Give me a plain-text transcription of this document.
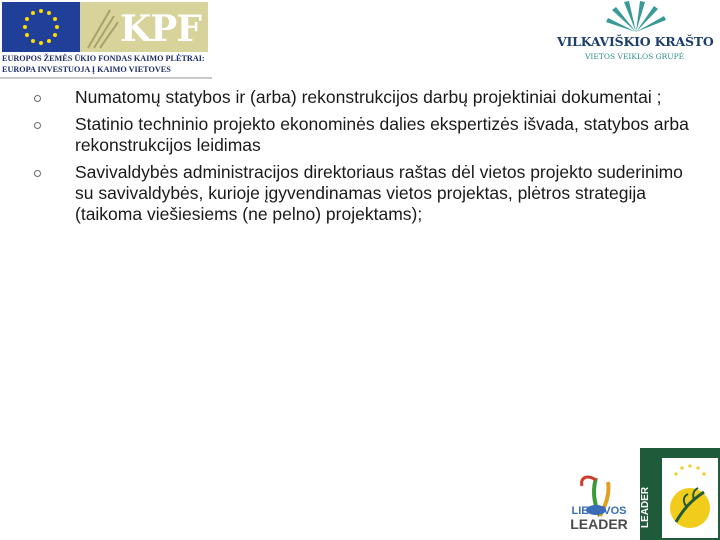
KPF
EUROPOS ŽEMĖS ŪKIO FONDAS KAIMO PLĖTRAI:
EUROPA INVESTUOJA Į KAIMO VIETOVES
VILKAVIŠKIO KRAŠTO
VIETOS VEIKLOS GRUPĖ
Numatomų statybos ir (arba) rekonstrukcijos darbų projektiniai dokumentai ;
Statinio techninio projekto ekonominės dalies ekspertizės išvada, statybos arba rekonstrukcijos leidimas
Savivaldybės administracijos direktoriaus raštas dėl vietos projekto suderinimo su savivaldybės, kurioje įgyvendinamas vietos projektas, plėtros strategija (taikoma viešiesiems (ne pelno) projektams);
LIETUVOS
LEADER	LEADER
